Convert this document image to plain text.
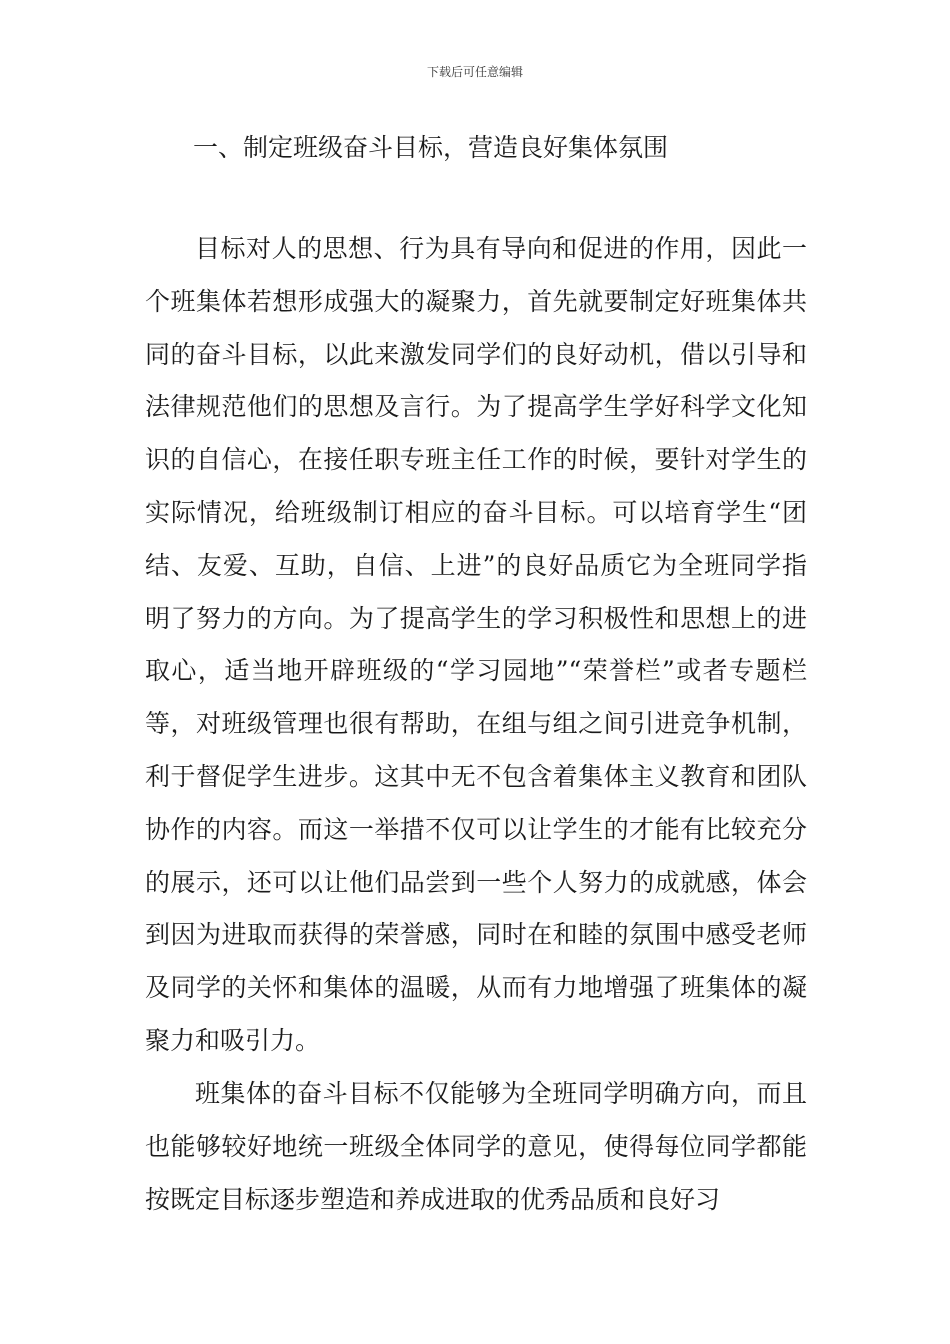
下载后可任意编辑
一、制定班级奋斗目标，营造良好集体氛围

目标对人的思想、行为具有导向和促进的作用，因此一个班集体若想形成强大的凝聚力，首先就要制定好班集体共同的奋斗目标，以此来激发同学们的良好动机，借以引导和法律规范他们的思想及言行。为了提高学生学好科学文化知识的自信心，在接任职专班主任工作的时候，要针对学生的实际情况，给班级制订相应的奋斗目标。可以培育学生“团结、友爱、互助，自信、上进”的良好品质它为全班同学指明了努力的方向。为了提高学生的学习积极性和思想上的进取心，适当地开辟班级的“学习园地”“荣誉栏”或者专题栏等，对班级管理也很有帮助，在组与组之间引进竞争机制，利于督促学生进步。这其中无不包含着集体主义教育和团队协作的内容。而这一举措不仅可以让学生的才能有比较充分的展示，还可以让他们品尝到一些个人努力的成就感，体会到因为进取而获得的荣誉感，同时在和睦的氛围中感受老师及同学的关怀和集体的温暖，从而有力地增强了班集体的凝聚力和吸引力。

班集体的奋斗目标不仅能够为全班同学明确方向，而且也能够较好地统一班级全体同学的意见，使得每位同学都能按既定目标逐步塑造和养成进取的优秀品质和良好习
